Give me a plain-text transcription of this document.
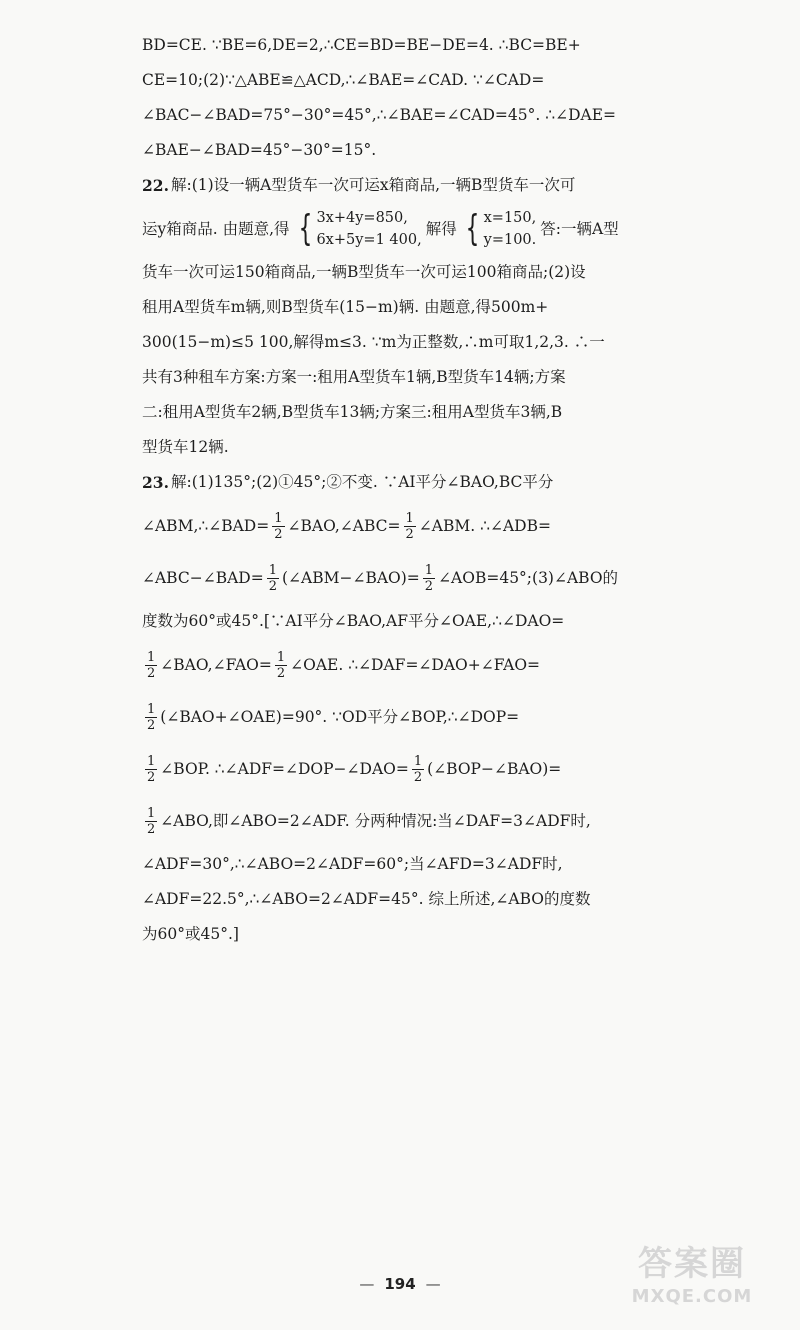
BD=CE. ∵BE=6,DE=2,∴CE=BD=BE−DE=4. ∴BC=BE+
CE=10;(2)∵△ABE≌△ACD,∴∠BAE=∠CAD. ∵∠CAD=
∠BAC−∠BAD=75°−30°=45°,∴∠BAE=∠CAD=45°. ∴∠DAE=
∠BAE−∠BAD=45°−30°=15°.
22. 解:(1)设一辆A型货车一次可运x箱商品,一辆B型货车一次可
运y箱商品. 由题意,得 { 3x+4y=850,
6x+5y=1 400,
解得 { x=150,
y=100.
答:一辆A型
货车一次可运150箱商品,一辆B型货车一次可运100箱商品;(2)设
租用A型货车m辆,则B型货车(15−m)辆. 由题意,得500m+
300(15−m)≤5 100,解得m≤3. ∵m为正整数,∴m可取1,2,3. ∴一
共有3种租车方案:方案一:租用A型货车1辆,B型货车14辆;方案
二:租用A型货车2辆,B型货车13辆;方案三:租用A型货车3辆,B
型货车12辆.
23. 解:(1)135°;(2)①45°;②不变. ∵AI平分∠BAO,BC平分
∠ABM,∴∠BAD= $\frac{1}{2}$ ∠BAO,∠ABC= $\frac{1}{2}$ ∠ABM. ∴∠ADB=
∠ABC−∠BAD= $\frac{1}{2}$ (∠ABM−∠BAO)= $\frac{1}{2}$ ∠AOB=45°;(3)∠ABO的
度数为60°或45°.[∵AI平分∠BAO,AF平分∠OAE,∴∠DAO=
$\frac{1}{2}$ ∠BAO,∠FAO= $\frac{1}{2}$ ∠OAE. ∴∠DAF=∠DAO+∠FAO=
$\frac{1}{2}$ (∠BAO+∠OAE)=90°. ∵OD平分∠BOP,∴∠DOP=
$\frac{1}{2}$ ∠BOP. ∴∠ADF=∠DOP−∠DAO= $\frac{1}{2}$ (∠BOP−∠BAO)=
$\frac{1}{2}$ ∠ABO,即∠ABO=2∠ADF. 分两种情况:当∠DAF=3∠ADF时,
∠ADF=30°,∴∠ABO=2∠ADF=60°;当∠AFD=3∠ADF时,
∠ADF=22.5°,∴∠ABO=2∠ADF=45°. 综上所述,∠ABO的度数
为60°或45°.]
— 194 —	答案圈
MXQE.COM
